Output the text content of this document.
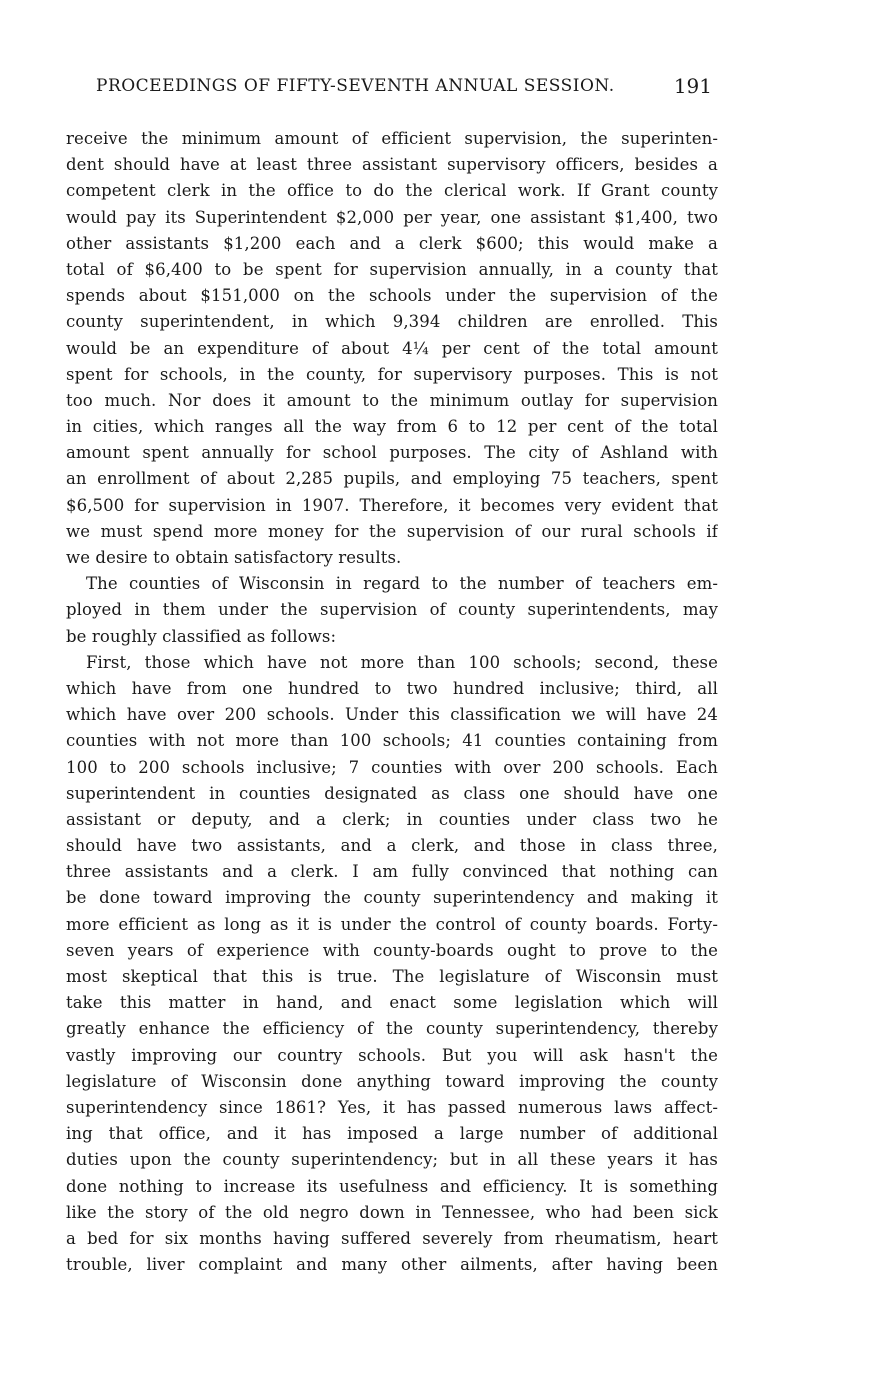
PROCEEDINGS OF FIFTY-SEVENTH ANNUAL SESSION.	191
receive the minimum amount of efficient supervision, the superinten-
dent should have at least three assistant supervisory officers, besides a
competent clerk in the office to do the clerical work. If Grant county
would pay its Superintendent $2,000 per year, one assistant $1,400, two
other assistants $1,200 each and a clerk $600; this would make a
total of $6,400 to be spent for supervision annually, in a county that
spends about $151,000 on the schools under the supervision of the
county superintendent, in which 9,394 children are enrolled. This
would be an expenditure of about 4¼ per cent of the total amount
spent for schools, in the county, for supervisory purposes. This is not
too much. Nor does it amount to the minimum outlay for supervision
in cities, which ranges all the way from 6 to 12 per cent of the total
amount spent annually for school purposes. The city of Ashland with
an enrollment of about 2,285 pupils, and employing 75 teachers, spent
$6,500 for supervision in 1907. Therefore, it becomes very evident that
we must spend more money for the supervision of our rural schools if
we desire to obtain satisfactory results.
The counties of Wisconsin in regard to the number of teachers em-
ployed in them under the supervision of county superintendents, may
be roughly classified as follows:
First, those which have not more than 100 schools; second, these
which have from one hundred to two hundred inclusive; third, all
which have over 200 schools. Under this classification we will have 24
counties with not more than 100 schools; 41 counties containing from
100 to 200 schools inclusive; 7 counties with over 200 schools. Each
superintendent in counties designated as class one should have one
assistant or deputy, and a clerk; in counties under class two he
should have two assistants, and a clerk, and those in class three,
three assistants and a clerk. I am fully convinced that nothing can
be done toward improving the county superintendency and making it
more efficient as long as it is under the control of county boards. Forty-
seven years of experience with county-boards ought to prove to the
most skeptical that this is true. The legislature of Wisconsin must
take this matter in hand, and enact some legislation which will
greatly enhance the efficiency of the county superintendency, thereby
vastly improving our country schools. But you will ask hasn't the
legislature of Wisconsin done anything toward improving the county
superintendency since 1861? Yes, it has passed numerous laws affect-
ing that office, and it has imposed a large number of additional
duties upon the county superintendency; but in all these years it has
done nothing to increase its usefulness and efficiency. It is something
like the story of the old negro down in Tennessee, who had been sick
a bed for six months having suffered severely from rheumatism, heart
trouble, liver complaint and many other ailments, after having been
